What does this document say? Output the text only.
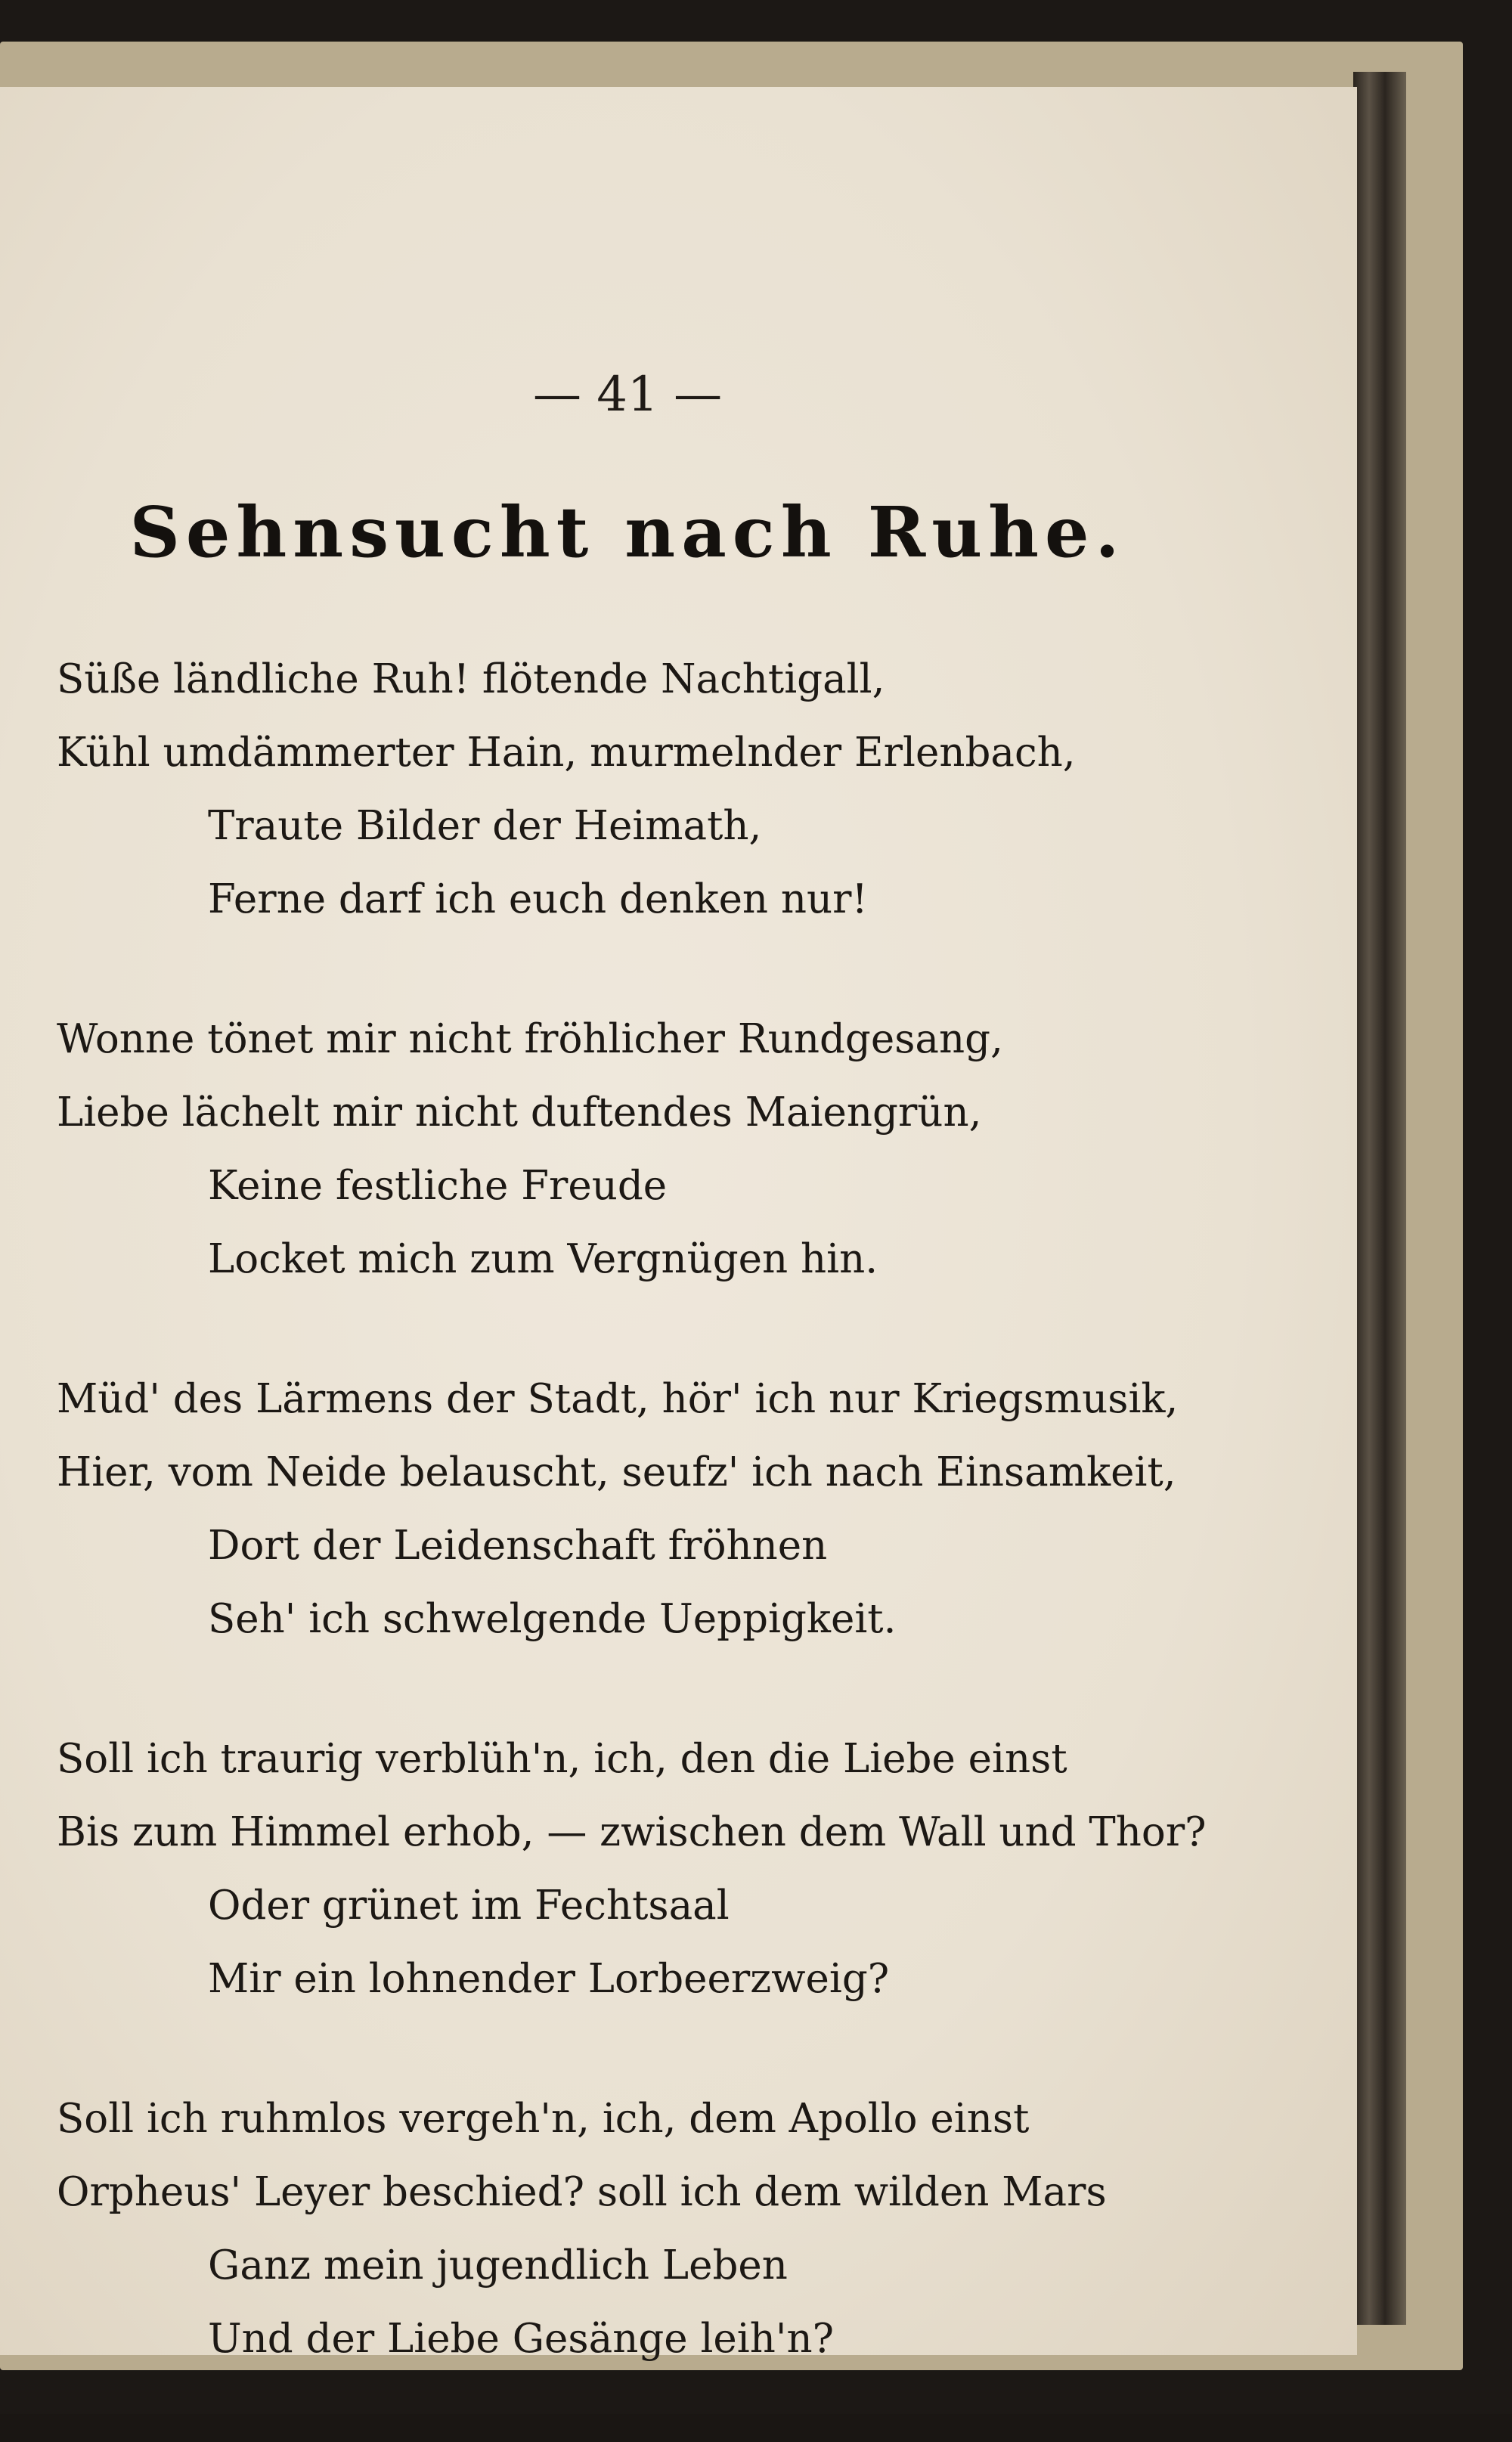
— 41 —
Sehnsucht nach Ruhe.
Süße ländliche Ruh! flötende Nachtigall,
Kühl umdämmerter Hain, murmelnder Erlenbach,
Traute Bilder der Heimath,
Ferne darf ich euch denken nur!
Wonne tönet mir nicht fröhlicher Rundgesang,
Liebe lächelt mir nicht duftendes Maiengrün,
Keine festliche Freude
Locket mich zum Vergnügen hin.
Müd' des Lärmens der Stadt, hör' ich nur Kriegsmusik,
Hier, vom Neide belauscht, seufz' ich nach Einsamkeit,
Dort der Leidenschaft fröhnen
Seh' ich schwelgende Ueppigkeit.
Soll ich traurig verblüh'n, ich, den die Liebe einst
Bis zum Himmel erhob, — zwischen dem Wall und Thor?
Oder grünet im Fechtsaal
Mir ein lohnender Lorbeerzweig?
Soll ich ruhmlos vergeh'n, ich, dem Apollo einst
Orpheus' Leyer beschied? soll ich dem wilden Mars
Ganz mein jugendlich Leben
Und der Liebe Gesänge leih'n?
